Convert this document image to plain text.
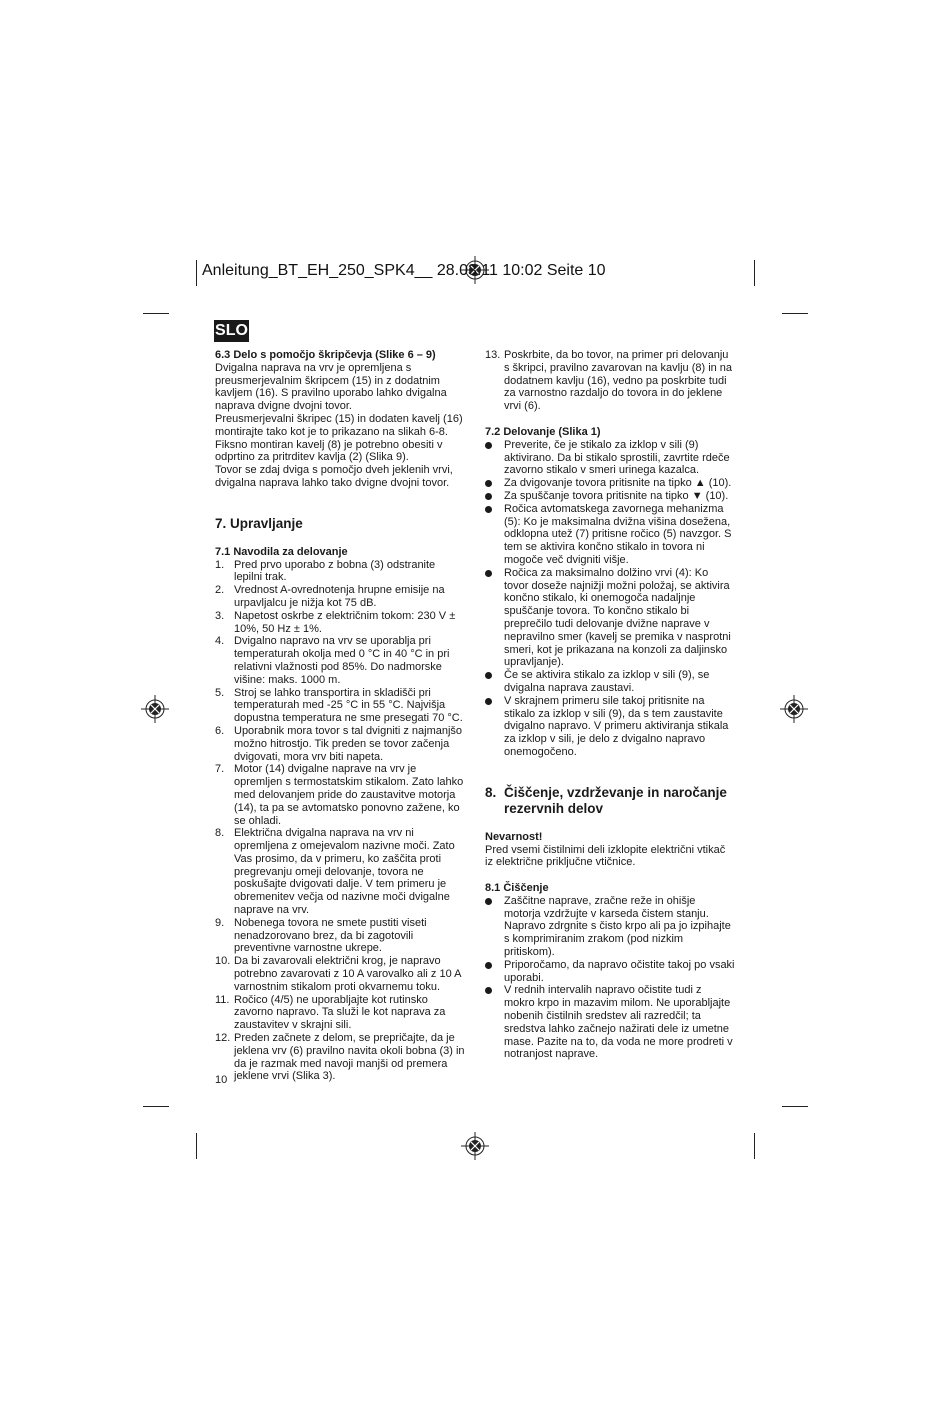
Anleitung_BT_EH_250_SPK4__ 28.03.11 10:02 Seite 10
SLO

6.3 Delo s pomočjo škripčevja (Slike 6 – 9)

Dvigalna naprava na vrv je opremljena s preusmerjevalnim škripcem (15) in z dodatnim kavljem (16). S pravilno uporabo lahko dvigalna naprava dvigne dvojni tovor.

Preusmerjevalni škripec (15) in dodaten kavelj (16) montirajte tako kot je to prikazano na slikah 6-8. Fiksno montiran kavelj (8) je potrebno obesiti v odprtino za pritrditev kavlja (2) (Slika 9).

Tovor se zdaj dviga s pomočjo dveh jeklenih vrvi, dvigalna naprava lahko tako dvigne dvojni tovor.

7. Upravljanje

7.1 Navodila za delovanje

1. Pred prvo uporabo z bobna (3) odstranite lepilni trak.
2. Vrednost A-ovrednotenja hrupne emisije na urpavljalcu je nižja kot 75 dB.
3. Napetost oskrbe z električnim tokom: 230 V ± 10%, 50 Hz ± 1%.
4. Dvigalno napravo na vrv se uporablja pri temperaturah okolja med 0 °C in 40 °C in pri relativni vlažnosti pod 85%. Do nadmorske višine: maks. 1000 m.
5. Stroj se lahko transportira in skladišči pri temperaturah med -25 °C in 55 °C. Najvišja dopustna temperatura ne sme presegati 70 °C.
6. Uporabnik mora tovor s tal dvigniti z najmanjšo možno hitrostjo. Tik preden se tovor začenja dvigovati, mora vrv biti napeta.
7. Motor (14) dvigalne naprave na vrv je opremljen s termostatskim stikalom. Zato lahko med delovanjem pride do zaustavitve motorja (14), ta pa se avtomatsko ponovno zažene, ko se ohladi.
8. Električna dvigalna naprava na vrv ni opremljena z omejevalom nazivne moči. Zato Vas prosimo, da v primeru, ko zaščita proti pregrevanju omeji delovanje, tovora ne poskušajte dvigovati dalje. V tem primeru je obremenitev večja od nazivne moči dvigalne naprave na vrv.
9. Nobenega tovora ne smete pustiti viseti nenadzorovano brez, da bi zagotovili preventivne varnostne ukrepe.
10. Da bi zavarovali električni krog, je napravo potrebno zavarovati z 10 A varovalko ali z 10 A varnostnim stikalom proti okvarnemu toku.
11. Ročico (4/5) ne uporabljajte kot rutinsko zavorno napravo. Ta služi le kot naprava za zaustavitev v skrajni sili.
12. Preden začnete z delom, se prepričajte, da je jeklena vrv (6) pravilno navita okoli bobna (3) in da je razmak med navoji manjši od premera jeklene vrvi (Slika 3).
13. Poskrbite, da bo tovor, na primer pri delovanju s škripci, pravilno zavarovan na kavlju (8) in na dodatnem kavlju (16), vedno pa poskrbite tudi za varnostno razdaljo do tovora in do jeklene vrvi (6).

7.2 Delovanje (Slika 1)

Preverite, če je stikalo za izklop v sili (9) aktivirano. Da bi stikalo sprostili, zavrtite rdeče zavorno stikalo v smeri urinega kazalca.
Za dvigovanje tovora pritisnite na tipko ▲ (10).
Za spuščanje tovora pritisnite na tipko ▼ (10).
Ročica avtomatskega zavornega mehanizma (5): Ko je maksimalna dvižna višina dosežena, odklopna utež (7) pritisne ročico (5) navzgor. S tem se aktivira končno stikalo in tovora ni mogoče več dvigniti višje.
Ročica za maksimalno dolžino vrvi (4): Ko tovor doseže najnižji možni položaj, se aktivira končno stikalo, ki onemogoča nadaljnje spuščanje tovora. To končno stikalo bi preprečilo tudi delovanje dvižne naprave v nepravilno smer (kavelj se premika v nasprotni smeri, kot je prikazana na konzoli za daljinsko upravljanje).
Če se aktivira stikalo za izklop v sili (9), se dvigalna naprava zaustavi.
V skrajnem primeru sile takoj pritisnite na stikalo za izklop v sili (9), da s tem zaustavite dvigalno napravo. V primeru aktiviranja stikala za izklop v sili, je delo z dvigalno napravo onemogočeno.
8. Čiščenje, vzdrževanje in naročanje rezervnih delov

Nevarnost!

Pred vsemi čistilnimi deli izklopite električni vtikač iz električne priključne vtičnice.

8.1 Čiščenje

Zaščitne naprave, zračne reže in ohišje motorja vzdržujte v karseda čistem stanju. Napravo zdrgnite s čisto krpo ali pa jo izpihajte s komprimiranim zrakom (pod nizkim pritiskom).
Priporočamo, da napravo očistite takoj po vsaki uporabi.
V rednih intervalih napravo očistite tudi z mokro krpo in mazavim milom. Ne uporabljajte nobenih čistilnih sredstev ali razredčil; ta sredstva lahko začnejo nažirati dele iz umetne mase. Pazite na to, da voda ne more prodreti v notranjost naprave.
10
